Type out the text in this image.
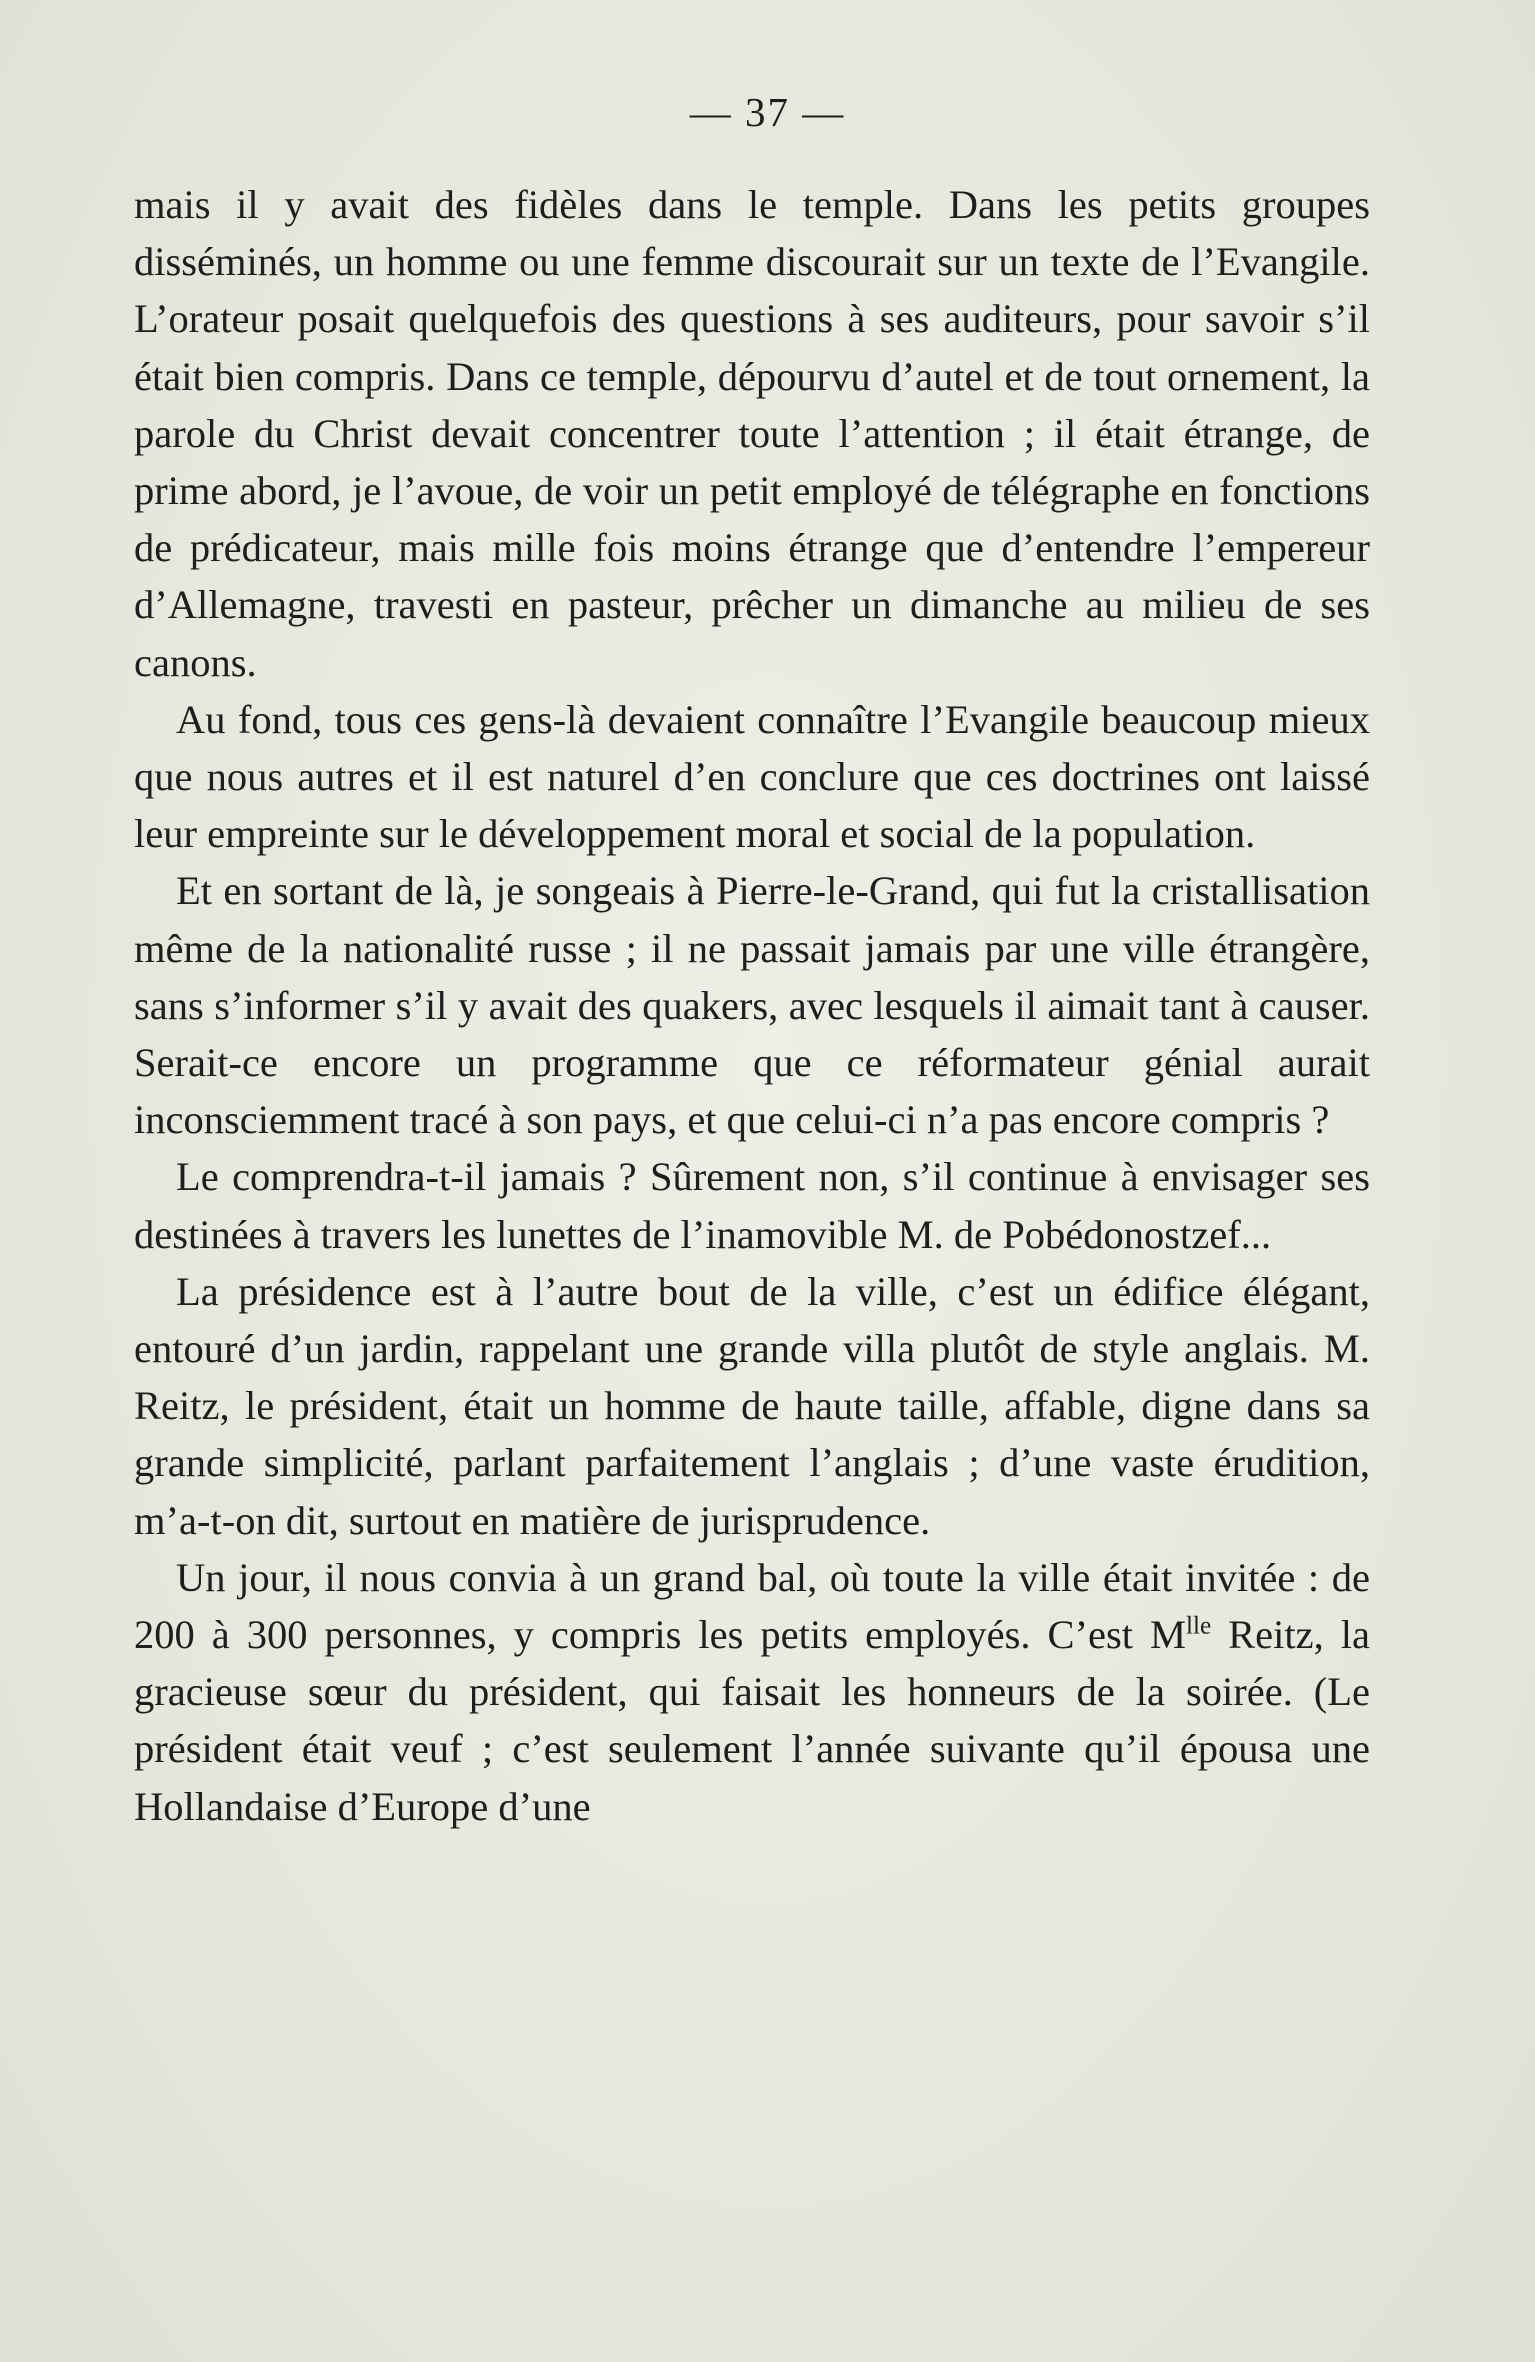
— 37 —

mais il y avait des fidèles dans le temple. Dans les petits groupes disséminés, un homme ou une femme discourait sur un texte de l’Evangile. L’orateur posait quelquefois des questions à ses auditeurs, pour savoir s’il était bien compris. Dans ce temple, dépourvu d’autel et de tout ornement, la parole du Christ devait concentrer toute l’attention ; il était étrange, de prime abord, je l’avoue, de voir un petit employé de télégraphe en fonctions de prédicateur, mais mille fois moins étrange que d’entendre l’empereur d’Allemagne, travesti en pasteur, prêcher un dimanche au milieu de ses canons.

Au fond, tous ces gens-là devaient connaître l’Evangile beaucoup mieux que nous autres et il est naturel d’en conclure que ces doctrines ont laissé leur empreinte sur le développement moral et social de la population.

Et en sortant de là, je songeais à Pierre-le-Grand, qui fut la cristallisation même de la nationalité russe ; il ne passait jamais par une ville étrangère, sans s’informer s’il y avait des quakers, avec lesquels il aimait tant à causer. Serait-ce encore un programme que ce réformateur génial aurait inconsciemment tracé à son pays, et que celui-ci n’a pas encore compris ?

Le comprendra-t-il jamais ? Sûrement non, s’il continue à envisager ses destinées à travers les lunettes de l’inamovible M. de Pobédonostzef...

La présidence est à l’autre bout de la ville, c’est un édifice élégant, entouré d’un jardin, rappelant une grande villa plutôt de style anglais. M. Reitz, le président, était un homme de haute taille, affable, digne dans sa grande simplicité, parlant parfaitement l’anglais ; d’une vaste érudition, m’a-t-on dit, surtout en matière de jurisprudence.

Un jour, il nous convia à un grand bal, où toute la ville était invitée : de 200 à 300 personnes, y compris les petits employés. C’est $M^{lle}$ Reitz, la gracieuse sœur du président, qui faisait les honneurs de la soirée. (Le président était veuf ; c’est seulement l’année suivante qu’il épousa une Hollandaise d’Europe d’une
